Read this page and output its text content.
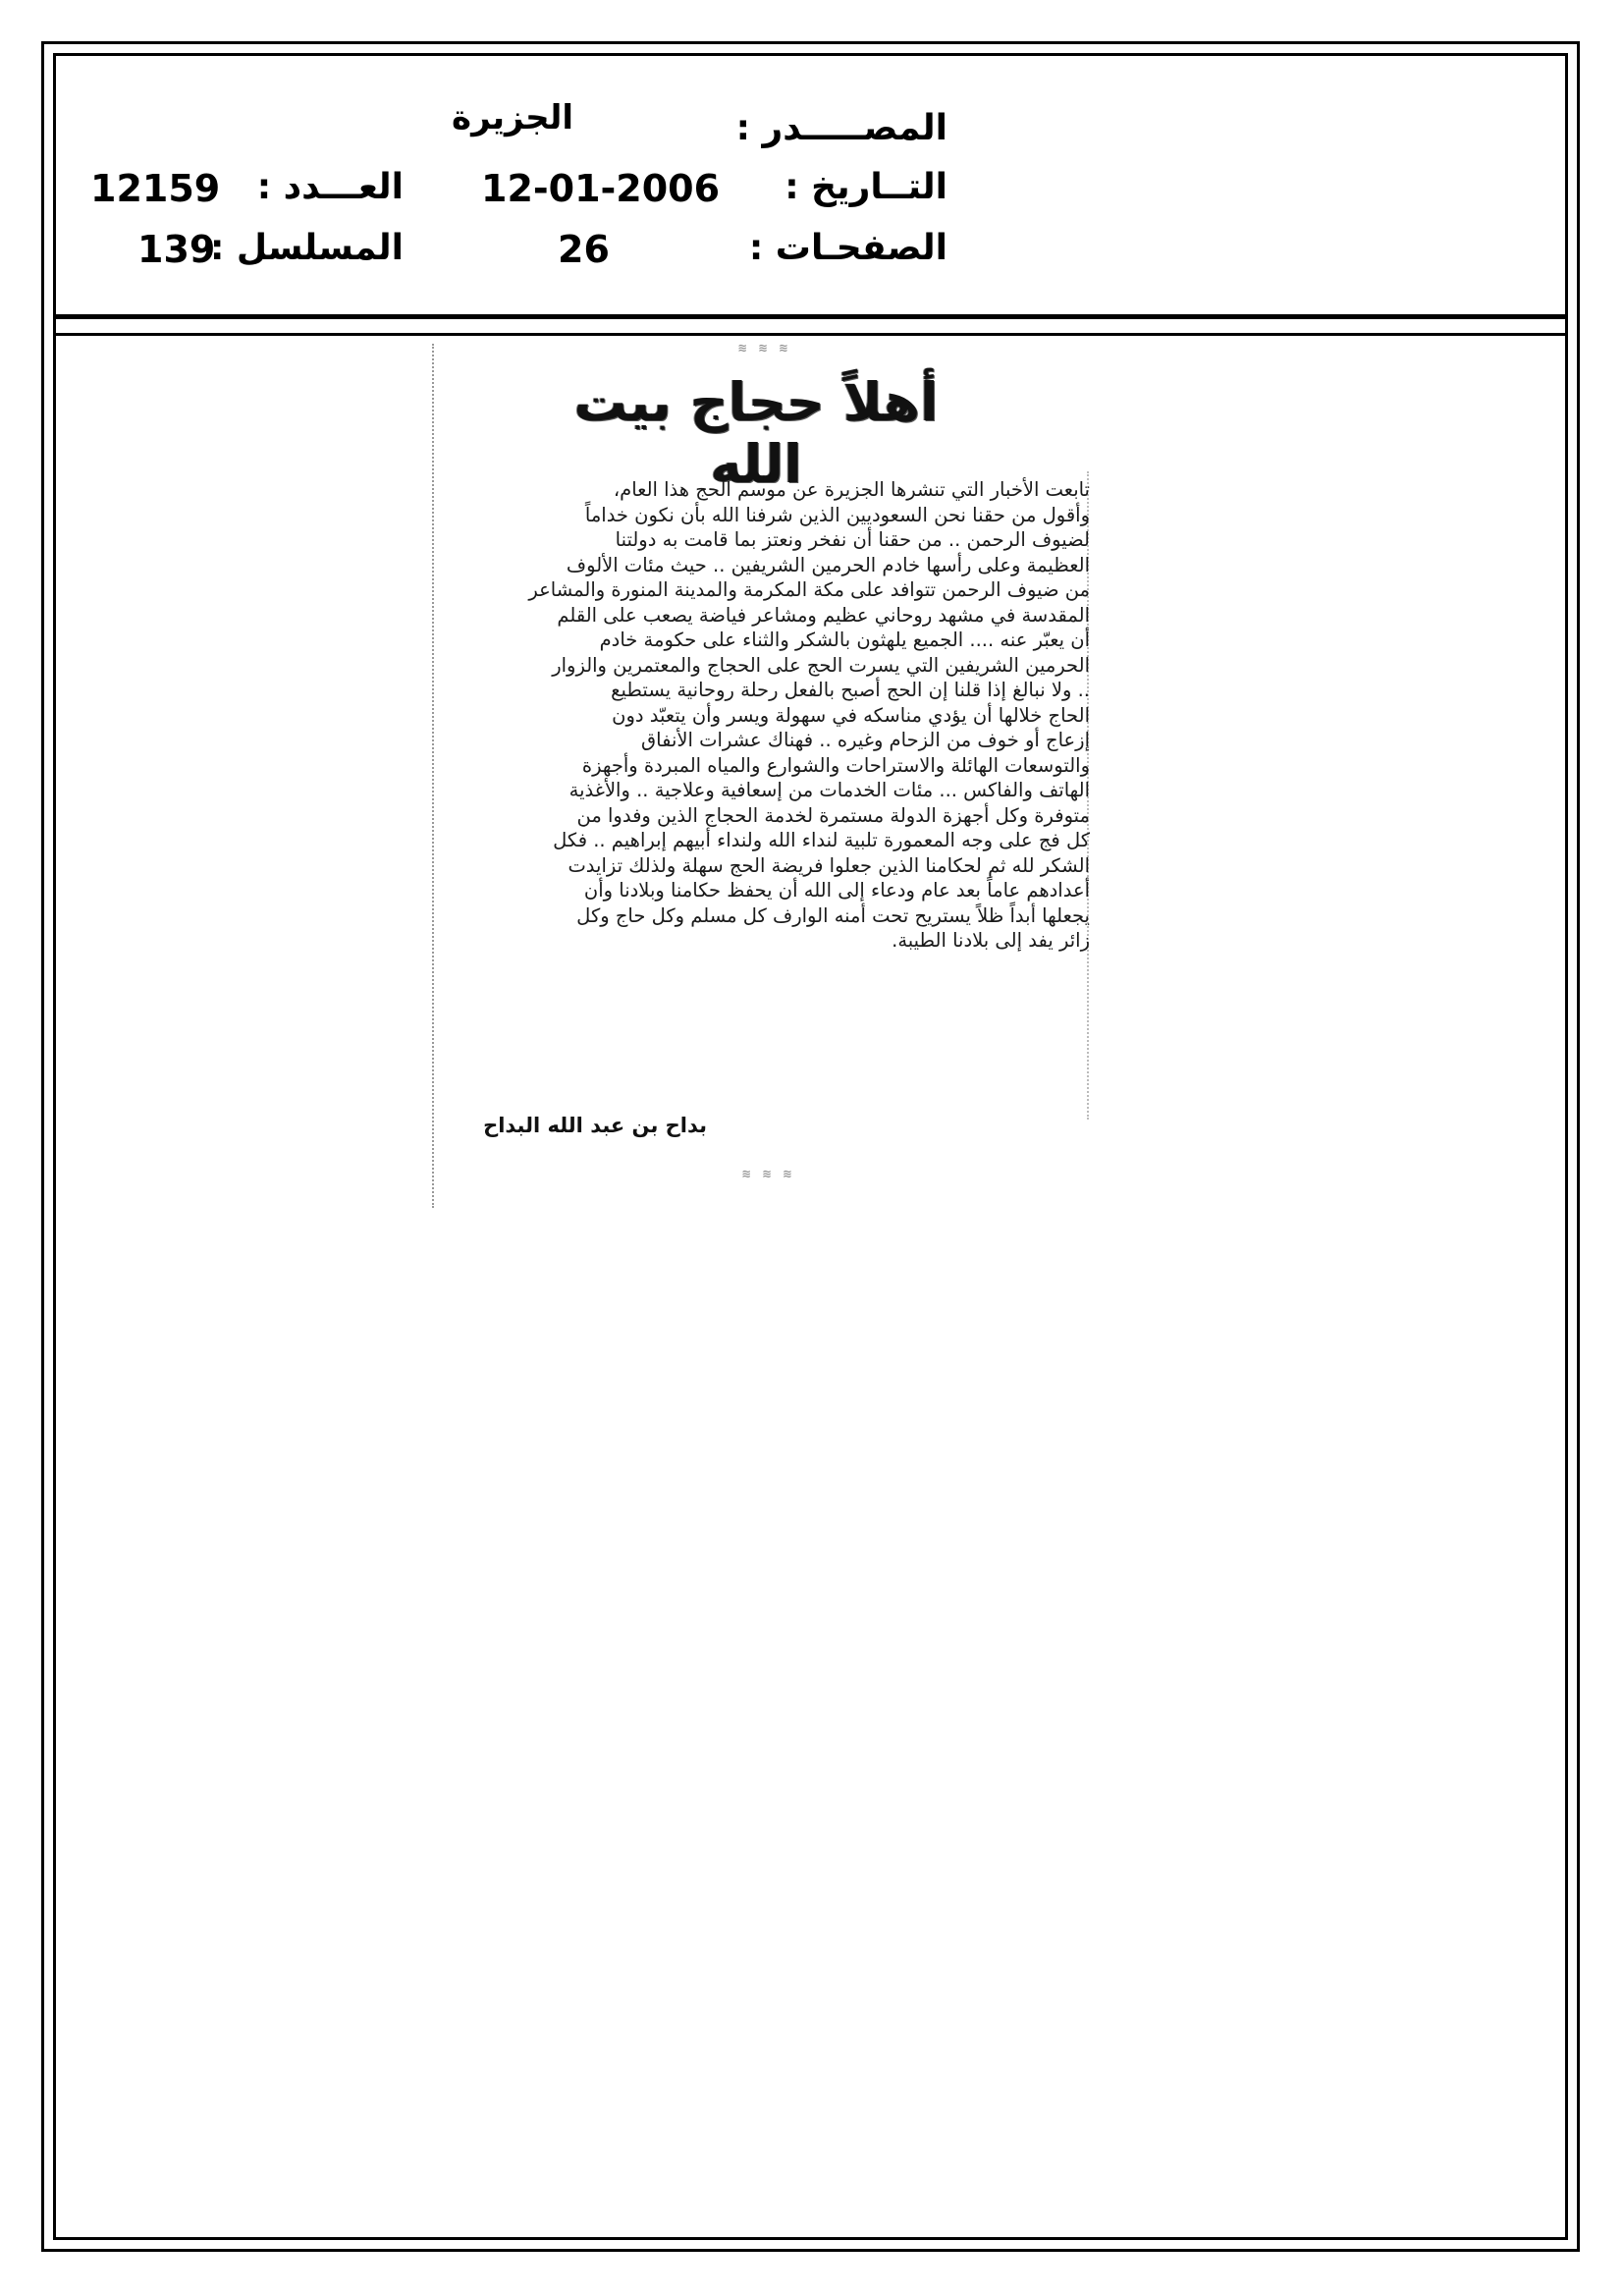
المصـــــدر :
التــاريخ :
الصفحـات :
الجزيرة
12-01-2006
26
العـــدد :
المسلسل :
12159
139
≋ ≋ ≋
أهلاً حجاج بيت الله
تابعت الأخبار التي تنشرها الجزيرة عن موسم الحج هذا العام،
وأقول من حقنا نحن السعوديين الذين شرفنا الله بأن نكون خداماً
لضيوف الرحمن .. من حقنا أن نفخر ونعتز بما قامت به دولتنا
العظيمة وعلى رأسها خادم الحرمين الشريفين .. حيث مئات الألوف
من ضيوف الرحمن تتوافد على مكة المكرمة والمدينة المنورة والمشاعر
المقدسة في مشهد روحاني عظيم ومشاعر فياضة يصعب على القلم
أن يعبّر عنه .... الجميع يلهثون بالشكر والثناء على حكومة خادم
الحرمين الشريفين التي يسرت الحج على الحجاج والمعتمرين والزوار
.. ولا نبالغ إذا قلنا إن الحج أصبح بالفعل رحلة روحانية يستطيع
الحاج خلالها أن يؤدي مناسكه في سهولة ويسر وأن يتعبّد دون
إزعاج أو خوف من الزحام وغيره .. فهناك عشرات الأنفاق
والتوسعات الهائلة والاستراحات والشوارع والمياه المبردة وأجهزة
الهاتف والفاكس ... مئات الخدمات من إسعافية وعلاجية .. والأغذية
متوفرة وكل أجهزة الدولة مستمرة لخدمة الحجاج الذين وفدوا من
كل فج على وجه المعمورة تلبية لنداء الله ولنداء أبيهم إبراهيم .. فكل
الشكر لله ثم لحكامنا الذين جعلوا فريضة الحج سهلة ولذلك تزايدت
أعدادهم عاماً بعد عام ودعاء إلى الله أن يحفظ حكامنا وبلادنا وأن
يجعلها أبداً ظلاً يستريح تحت أمنه الوارف كل مسلم وكل حاج وكل
زائر يفد إلى بلادنا الطيبة.
بداح بن عبد الله البداح
≋ ≋ ≋
